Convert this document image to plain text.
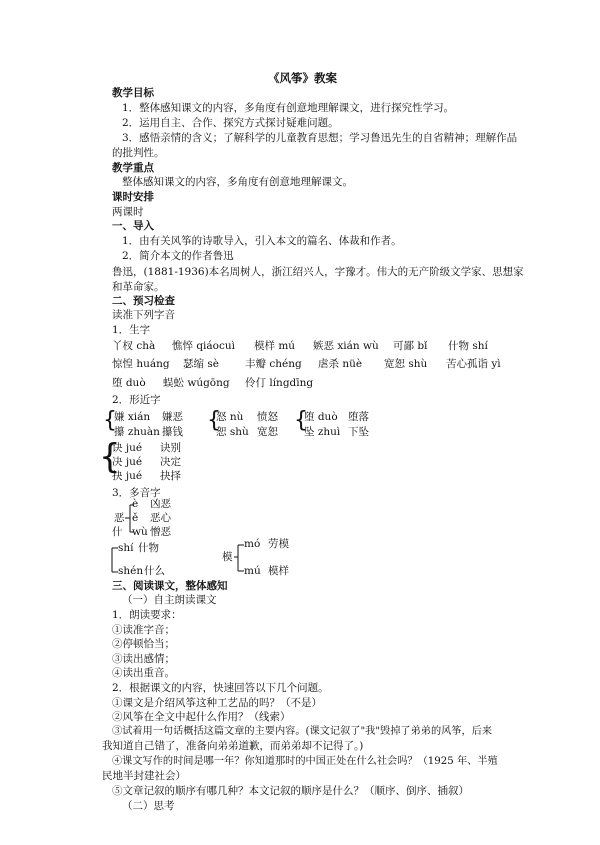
《风筝》教案
教学目标
1．整体感知课文的内容，多角度有创意地理解课文，进行探究性学习。
2．运用自主、合作、探究方式探讨疑难问题。
3．感悟亲情的含义；了解科学的儿童教育思想；学习鲁迅先生的自省精神；理解作品
的批判性。
教学重点
整体感知课文的内容，多角度有创意地理解课文。
课时安排
两课时
一、导入
1．由有关风筝的诗歌导入，引入本文的篇名、体裁和作者。
2．简介本文的作者鲁迅
鲁迅，(1881-1936)本名周树人，浙江绍兴人，字豫才。伟大的无产阶级文学家、思想家
和革命家。
二、预习检查
读准下列字音
1．生字
丫杈 chà 憔悴 qiáocuì 模样 mú 嫉恶 xián wù 可鄙 bǐ 什物 shí
惊惶 huáng 瑟缩 sè 丰瓣 chéng 虐杀 nüè 宽恕 shù 苦心孤诣 yì
堕 duò 蜈蚣 wúgōng 伶仃 língdīng
2．形近字
{
嫌 xián 嫌恶
攥 zhuàn 攥钱 {
怒 nù 愤怒
恕 shù 宽恕 {
堕 duò 堕落
坠 zhuì 下坠
{
诀 jué 诀别
决 jué 决定
抉 jué 抉择
3．多音字
恶
è 凶恶
ě 恶心
wù 憎恶
什
shí 什物
shén 什么
模
mó 劳模
mú 模样
三、阅读课文，整体感知
（一）自主朗读课文
1．朗读要求：
①读准字音；
②停顿恰当；
③读出感情；
④读出重音。
2．根据课文的内容，快速回答以下几个问题。
①课文是介绍风筝这种工艺品的吗？（不是）
②风筝在全文中起什么作用？（线索）
③试着用一句话概括这篇文章的主要内容。(课文记叙了"我"毁掉了弟弟的风筝，后来
我知道自己错了，准备向弟弟道歉，而弟弟却不记得了。)
④课文写作的时间是哪一年？你知道那时的中国正处在什么社会吗？（1925 年、半殖
民地半封建社会）
⑤文章记叙的顺序有哪几种？本文记叙的顺序是什么？（顺序、倒序、插叙）
（二）思考
